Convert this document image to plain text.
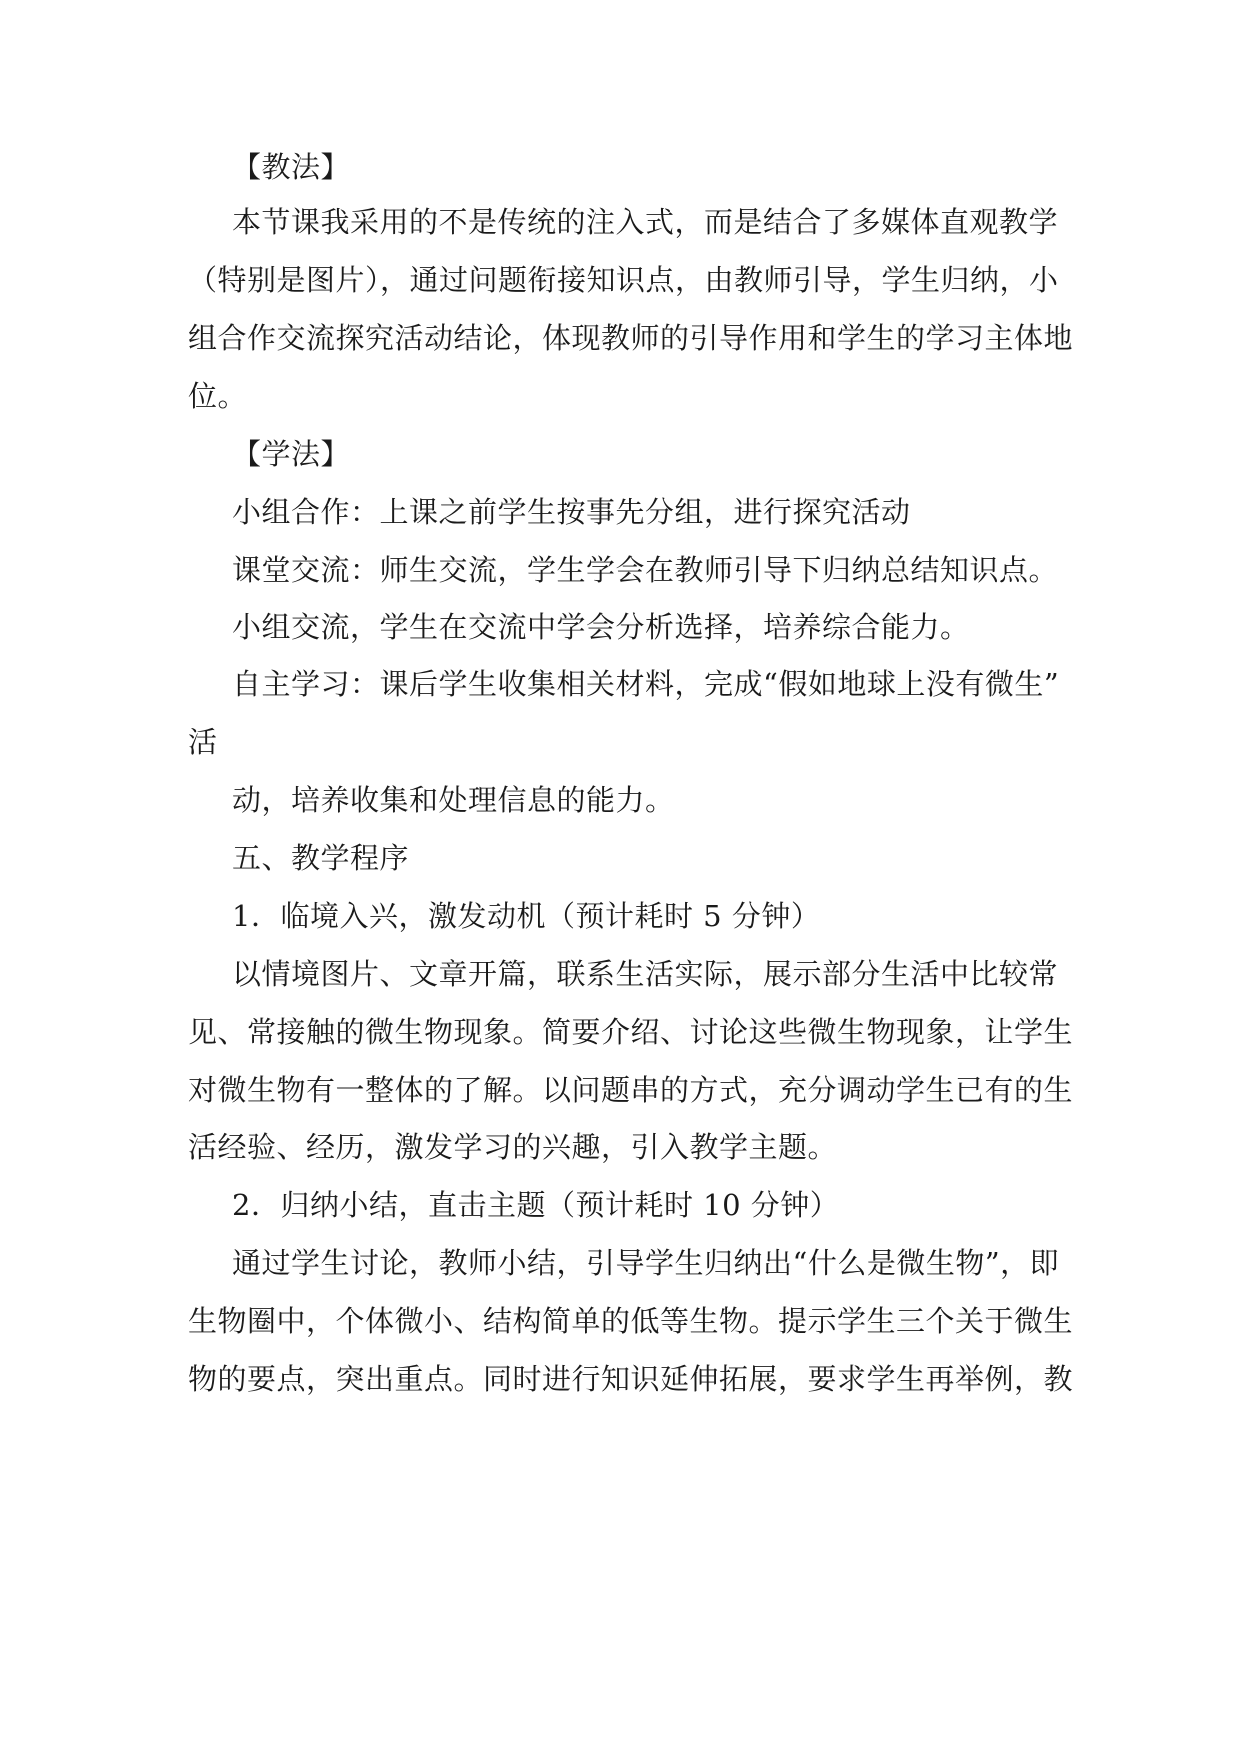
【教法】
本节课我采用的不是传统的注入式，而是结合了多媒体直观教学
（特别是图片），通过问题衔接知识点，由教师引导，学生归纳，小
组合作交流探究活动结论，体现教师的引导作用和学生的学习主体地
位。
【学法】
小组合作：上课之前学生按事先分组，进行探究活动
课堂交流：师生交流，学生学会在教师引导下归纳总结知识点。
小组交流，学生在交流中学会分析选择，培养综合能力。
自主学习：课后学生收集相关材料，完成“假如地球上没有微生”
活
动，培养收集和处理信息的能力。
五、教学程序
1．临境入兴，激发动机（预计耗时 5 分钟）
以情境图片、文章开篇，联系生活实际，展示部分生活中比较常
见、常接触的微生物现象。简要介绍、讨论这些微生物现象，让学生
对微生物有一整体的了解。以问题串的方式，充分调动学生已有的生
活经验、经历，激发学习的兴趣，引入教学主题。
2．归纳小结，直击主题（预计耗时 10 分钟）
通过学生讨论，教师小结，引导学生归纳出“什么是微生物”，即
生物圈中，个体微小、结构简单的低等生物。提示学生三个关于微生
物的要点，突出重点。同时进行知识延伸拓展，要求学生再举例，教
